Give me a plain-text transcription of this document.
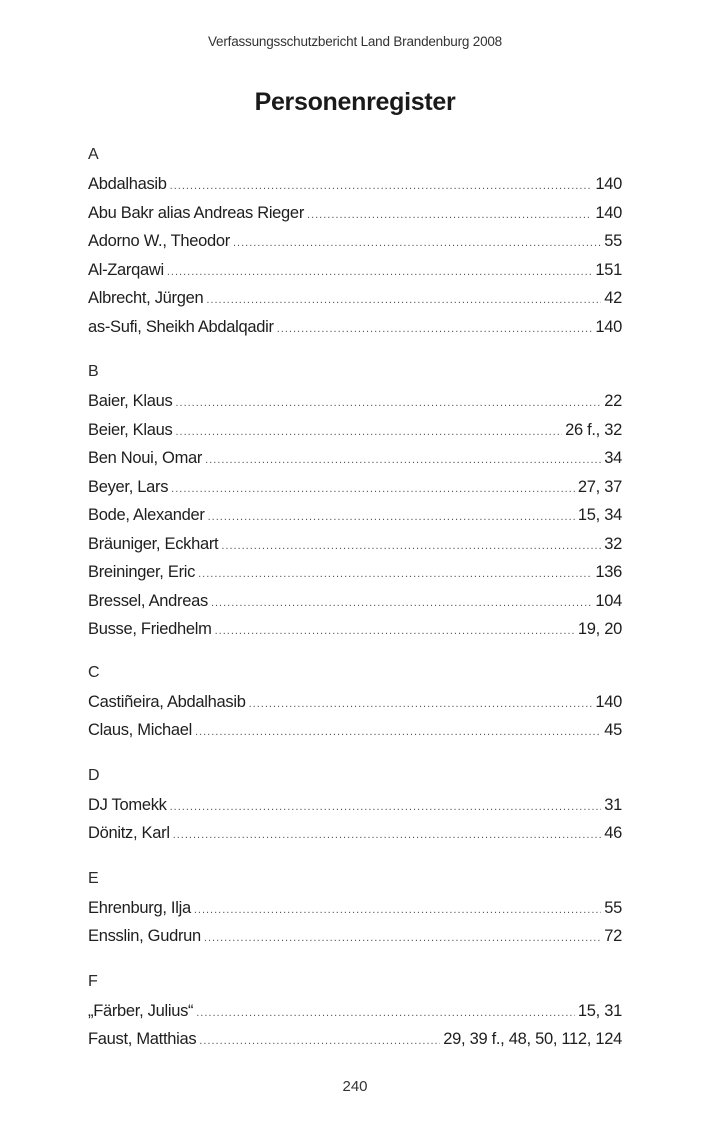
Verfassungsschutzbericht Land Brandenburg 2008
Personenregister
A
Abdalhasib .....	140
Abu Bakr alias Andreas Rieger .....	140
Adorno W., Theodor .....	55
Al-Zarqawi .....	151
Albrecht, Jürgen .....	42
as-Sufi, Sheikh Abdalqadir .....	140
B
Baier, Klaus .....	22
Beier, Klaus .....	26 f., 32
Ben Noui, Omar .....	34
Beyer, Lars .....	27, 37
Bode, Alexander .....	15, 34
Bräuniger, Eckhart .....	32
Breininger, Eric .....	136
Bressel, Andreas .....	104
Busse, Friedhelm .....	19, 20
C
Castiñeira, Abdalhasib .....	140
Claus, Michael .....	45
D
DJ Tomekk .....	31
Dönitz, Karl .....	46
E
Ehrenburg, Ilja .....	55
Ensslin, Gudrun .....	72
F
„Färber, Julius“ .....	15, 31
Faust, Matthias .....	29, 39 f., 48, 50, 112, 124
240
